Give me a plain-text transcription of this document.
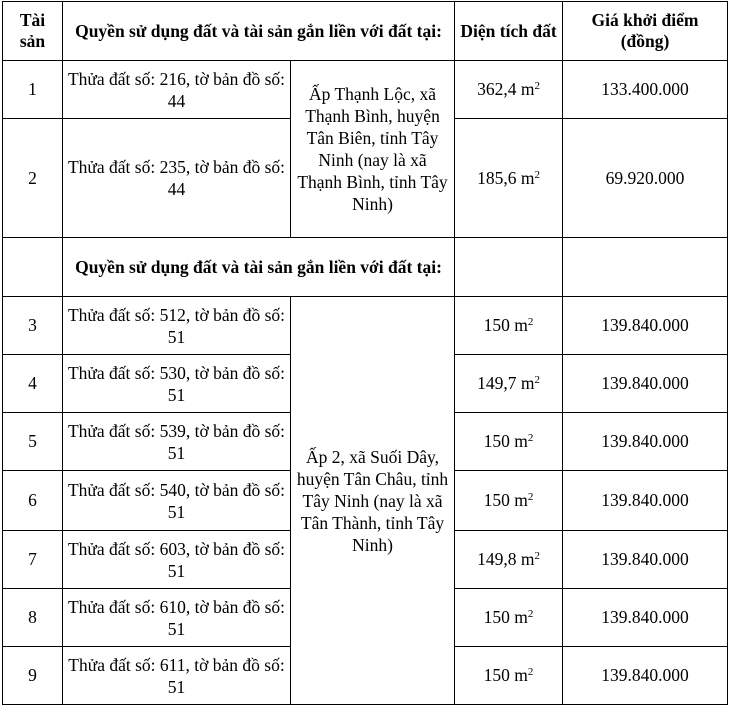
Tài sản	Quyền sử dụng đất và tài sản gắn liền với đất tại:		Diện tích đất	Giá khởi điểm (đồng)
1	Thửa đất số: 216, tờ bản đồ số: 44	Ấp Thạnh Lộc, xã Thạnh Bình, huyện Tân Biên, tỉnh Tây Ninh (nay là xã Thạnh Bình, tỉnh Tây Ninh)	362,4 $m^2$	133.400.000
2	Thửa đất số: 235, tờ bản đồ số: 44		185,6 $m^2$	69.920.000
	Quyền sử dụng đất và tài sản gắn liền với đất tại:			
3	Thửa đất số: 512, tờ bản đồ số: 51	Ấp 2, xã Suối Dây, huyện Tân Châu, tỉnh Tây Ninh (nay là xã Tân Thành, tỉnh Tây Ninh)	150 $m^2$	139.840.000
4	Thửa đất số: 530, tờ bản đồ số: 51		149,7 $m^2$	139.840.000
5	Thửa đất số: 539, tờ bản đồ số: 51		150 $m^2$	139.840.000
6	Thửa đất số: 540, tờ bản đồ số: 51		150 $m^2$	139.840.000
7	Thửa đất số: 603, tờ bản đồ số: 51		149,8 $m^2$	139.840.000
8	Thửa đất số: 610, tờ bản đồ số: 51		150 $m^2$	139.840.000
9	Thửa đất số: 611, tờ bản đồ số: 51		150 $m^2$	139.840.000
